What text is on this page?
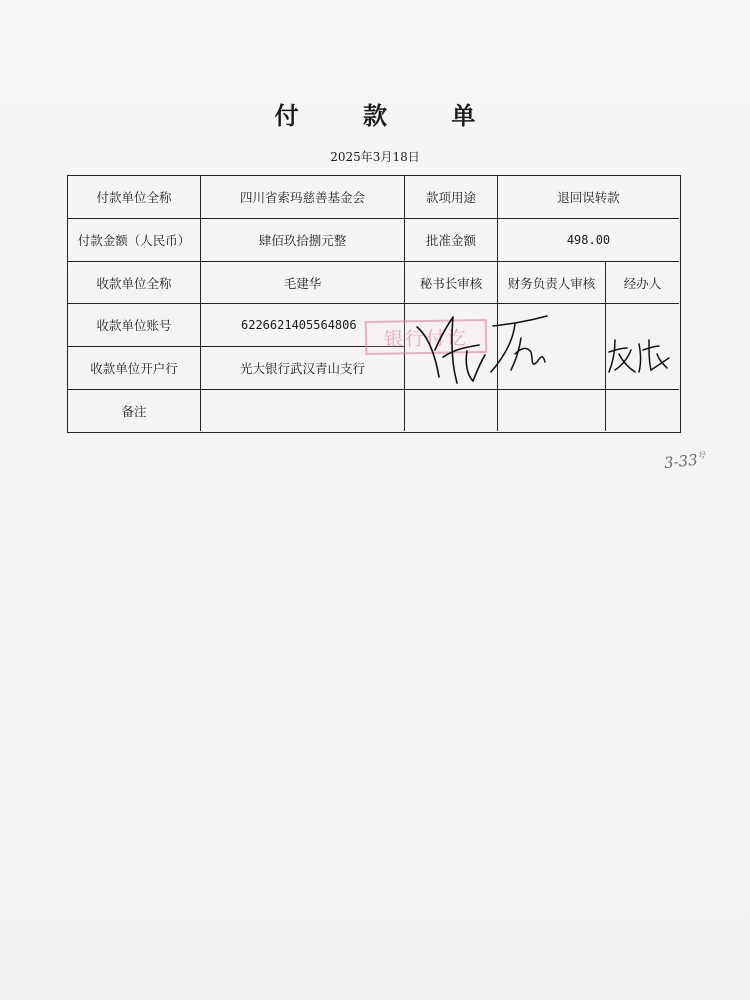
付 款 单
2025年3月18日
付款单位全称	四川省索玛慈善基金会	款项用途	退回误转款
付款金额（人民币）	肆佰玖拾捌元整	批准金额	498.00
收款单位全称	毛建华	秘书长审核	财务负责人审核	经办人
收款单位账号	6226621405564806
收款单位开户行	光大银行武汉青山支行
备注
银行付讫
$3-33^号$
